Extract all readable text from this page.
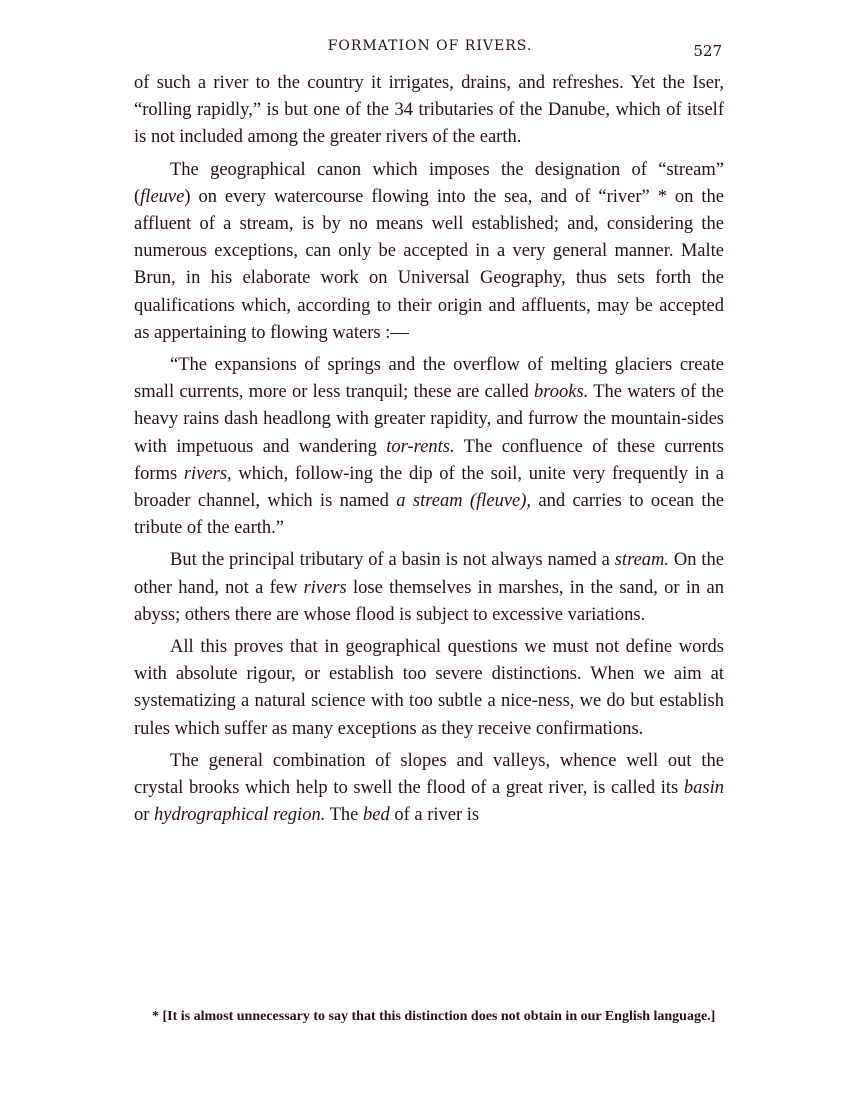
FORMATION OF RIVERS.	527

of such a river to the country it irrigates, drains, and refreshes. Yet the Iser, “rolling rapidly,” is but one of the 34 tributaries of the Danube, which of itself is not included among the greater rivers of the earth.

The geographical canon which imposes the designation of “stream” (fleuve) on every watercourse flowing into the sea, and of “river” * on the affluent of a stream, is by no means well established; and, considering the numerous exceptions, can only be accepted in a very general manner. Malte Brun, in his elaborate work on Universal Geography, thus sets forth the qualifications which, according to their origin and affluents, may be accepted as appertaining to flowing waters :—

“The expansions of springs and the overflow of melting glaciers create small currents, more or less tranquil; these are called brooks. The waters of the heavy rains dash headlong with greater rapidity, and furrow the mountain-sides with impetuous and wandering tor-rents. The confluence of these currents forms rivers, which, follow-ing the dip of the soil, unite very frequently in a broader channel, which is named a stream (fleuve), and carries to ocean the tribute of the earth.”

But the principal tributary of a basin is not always named a stream. On the other hand, not a few rivers lose themselves in marshes, in the sand, or in an abyss; others there are whose flood is subject to excessive variations.

All this proves that in geographical questions we must not define words with absolute rigour, or establish too severe distinctions. When we aim at systematizing a natural science with too subtle a nice-ness, we do but establish rules which suffer as many exceptions as they receive confirmations.

The general combination of slopes and valleys, whence well out the crystal brooks which help to swell the flood of a great river, is called its basin or hydrographical region. The bed of a river is

* [It is almost unnecessary to say that this distinction does not obtain in our English language.]
